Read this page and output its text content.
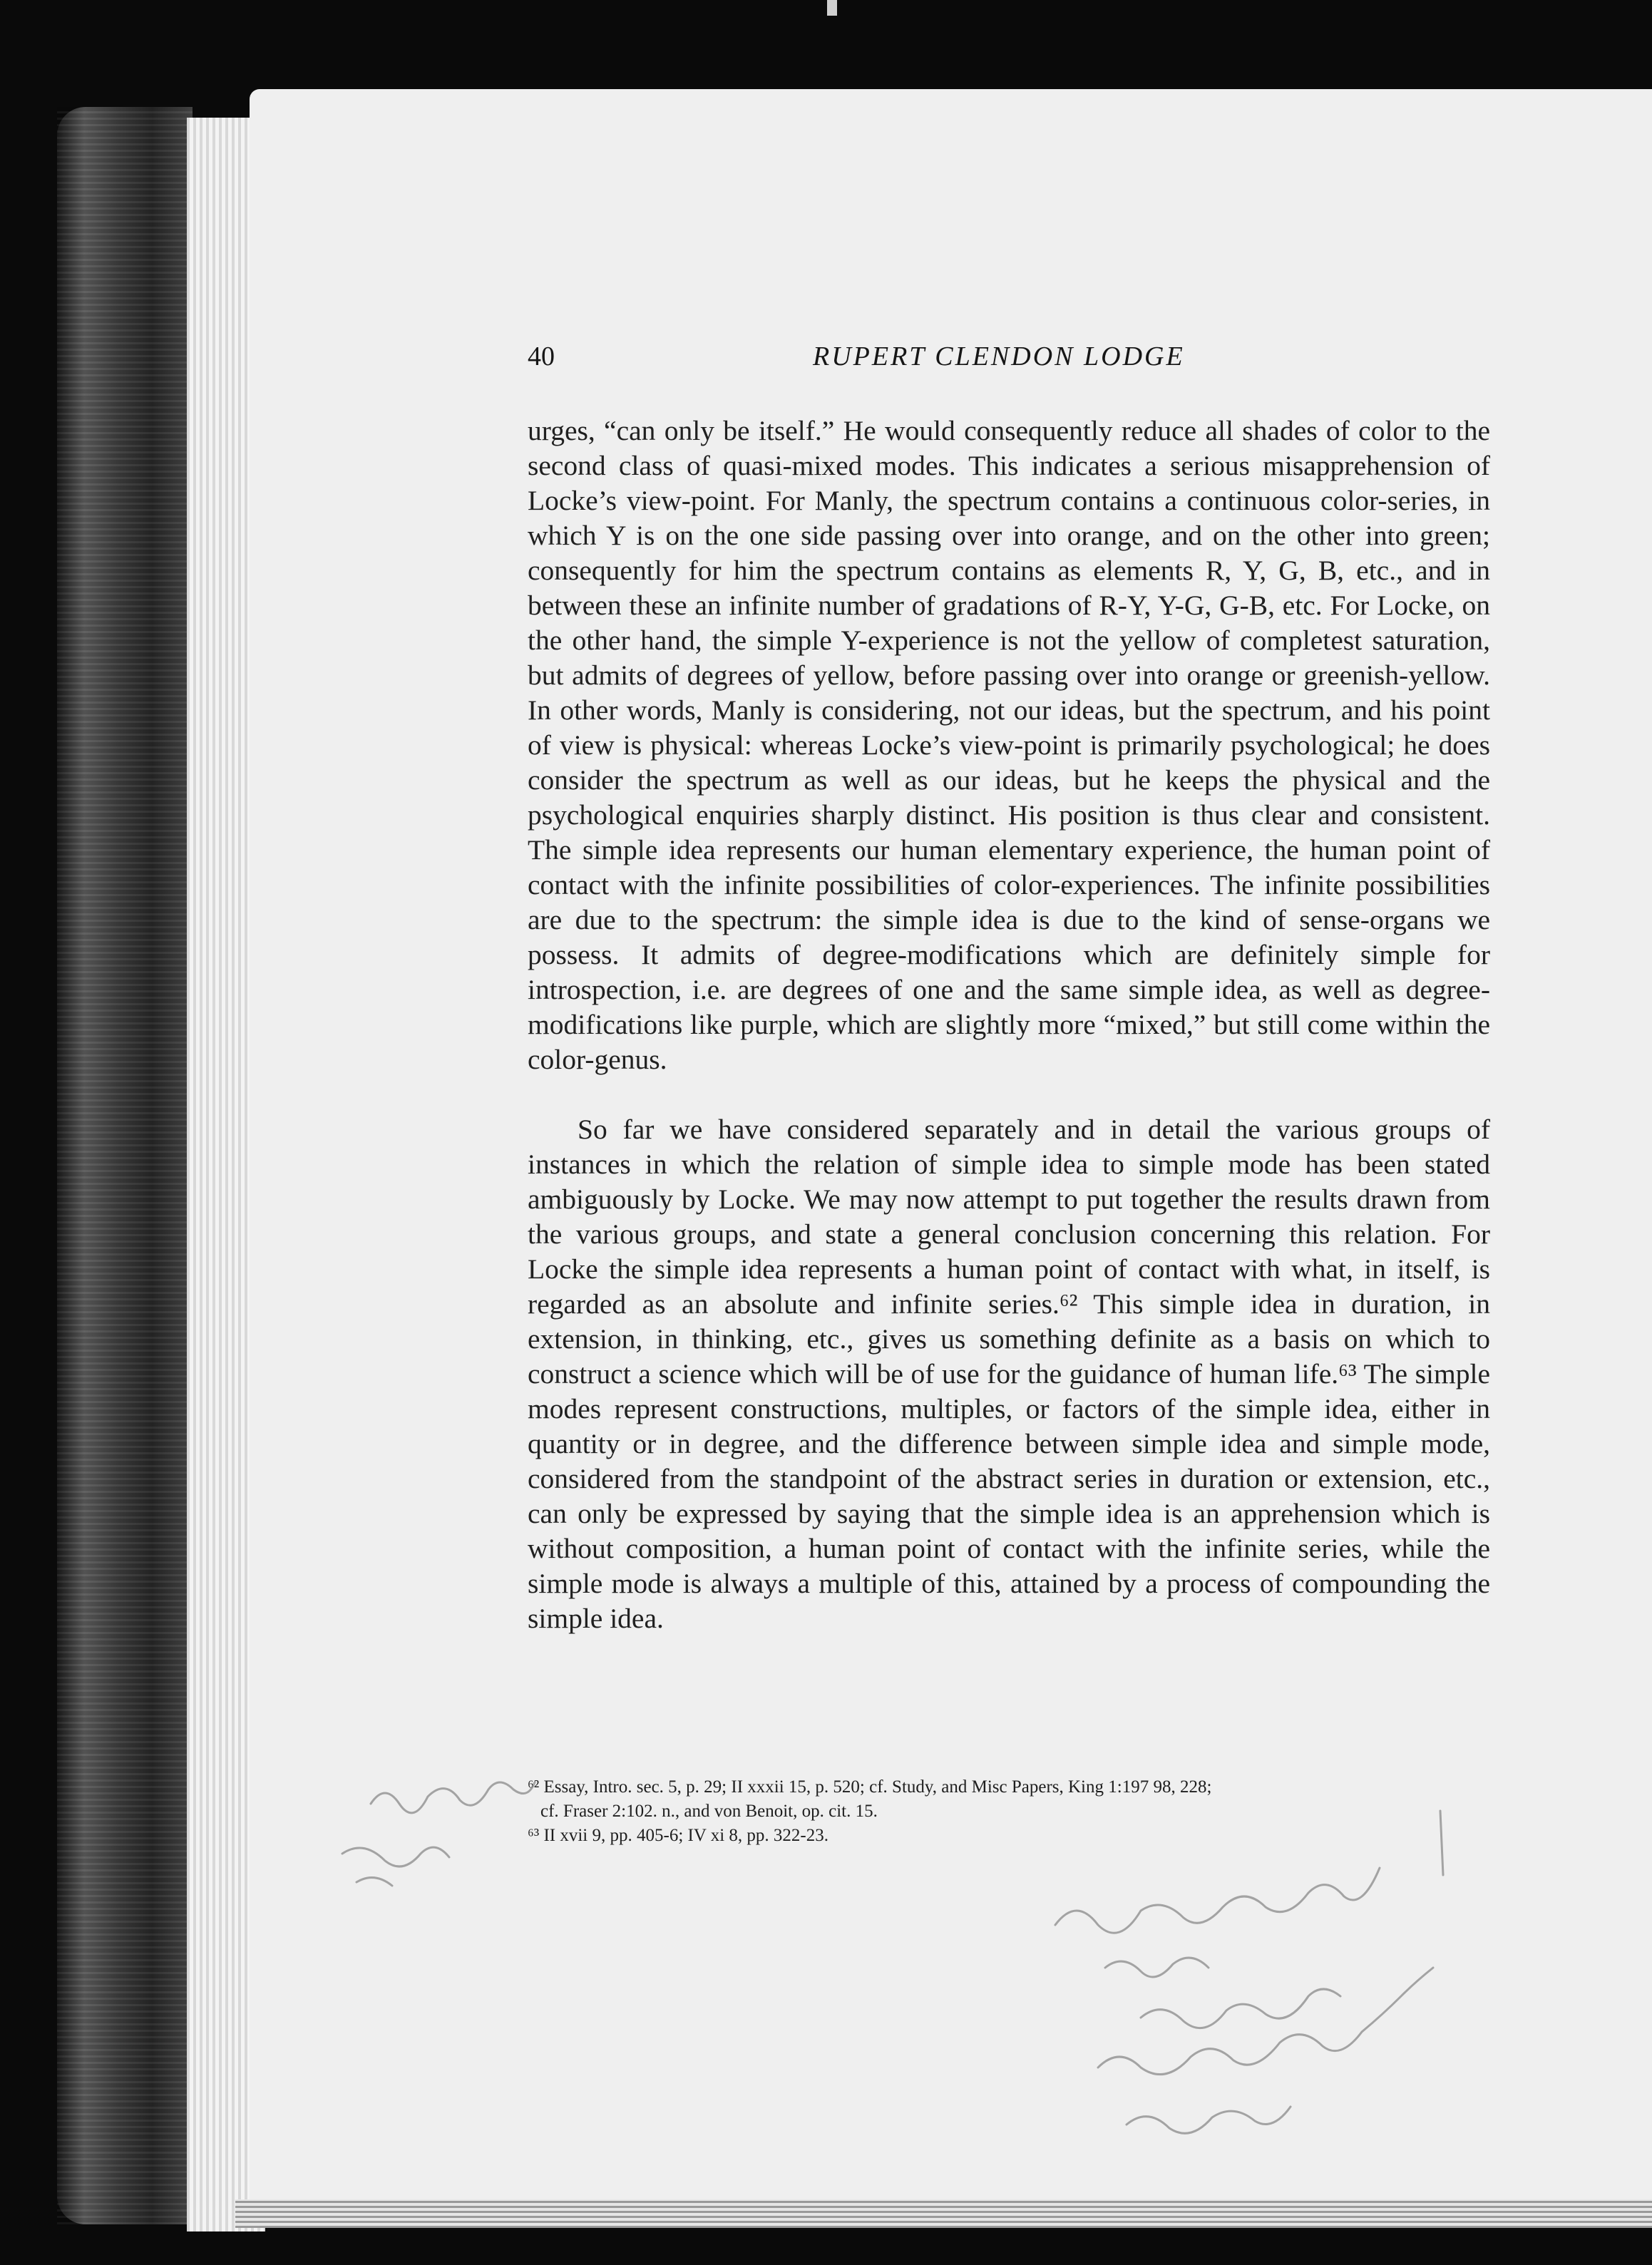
40	RUPERT CLENDON LODGE

urges, “can only be itself.” He would consequently reduce all shades of color to the second class of quasi-mixed modes. This indicates a serious misapprehension of Locke’s view-point. For Manly, the spectrum contains a continuous color-series, in which Y is on the one side passing over into orange, and on the other into green; consequently for him the spectrum contains as elements R, Y, G, B, etc., and in between these an infinite number of gradations of R-Y, Y-G, G-B, etc. For Locke, on the other hand, the simple Y-experience is not the yellow of completest saturation, but admits of degrees of yellow, before passing over into orange or greenish-yellow. In other words, Manly is considering, not our ideas, but the spectrum, and his point of view is physical: whereas Locke’s view-point is primarily psychological; he does consider the spectrum as well as our ideas, but he keeps the physical and the psychological enquiries sharply distinct. His position is thus clear and consistent. The simple idea represents our human elementary experience, the human point of contact with the infinite possibilities of color-experiences. The infinite possibilities are due to the spectrum: the simple idea is due to the kind of sense-organs we possess. It admits of degree-modifications which are definitely simple for introspection, i.e. are degrees of one and the same simple idea, as well as degree-modifications like purple, which are slightly more “mixed,” but still come within the color-genus.

So far we have considered separately and in detail the various groups of instances in which the relation of simple idea to simple mode has been stated ambiguously by Locke. We may now attempt to put together the results drawn from the various groups, and state a general conclusion concerning this relation. For Locke the simple idea represents a human point of contact with what, in itself, is regarded as an absolute and infinite series.⁶² This simple idea in duration, in extension, in thinking, etc., gives us something definite as a basis on which to construct a science which will be of use for the guidance of human life.⁶³ The simple modes represent constructions, multiples, or factors of the simple idea, either in quantity or in degree, and the difference between simple idea and simple mode, considered from the standpoint of the abstract series in duration or extension, etc., can only be expressed by saying that the simple idea is an apprehension which is without composition, a human point of contact with the infinite series, while the simple mode is always a multiple of this, attained by a process of compounding the simple idea.

⁶² Essay, Intro. sec. 5, p. 29; II xxxii 15, p. 520; cf. Study, and Misc Papers, King 1:197 98, 228;
cf. Fraser 2:102. n., and von Benoit, op. cit. 15.
⁶³ II xvii 9, pp. 405-6; IV xi 8, pp. 322-23.
